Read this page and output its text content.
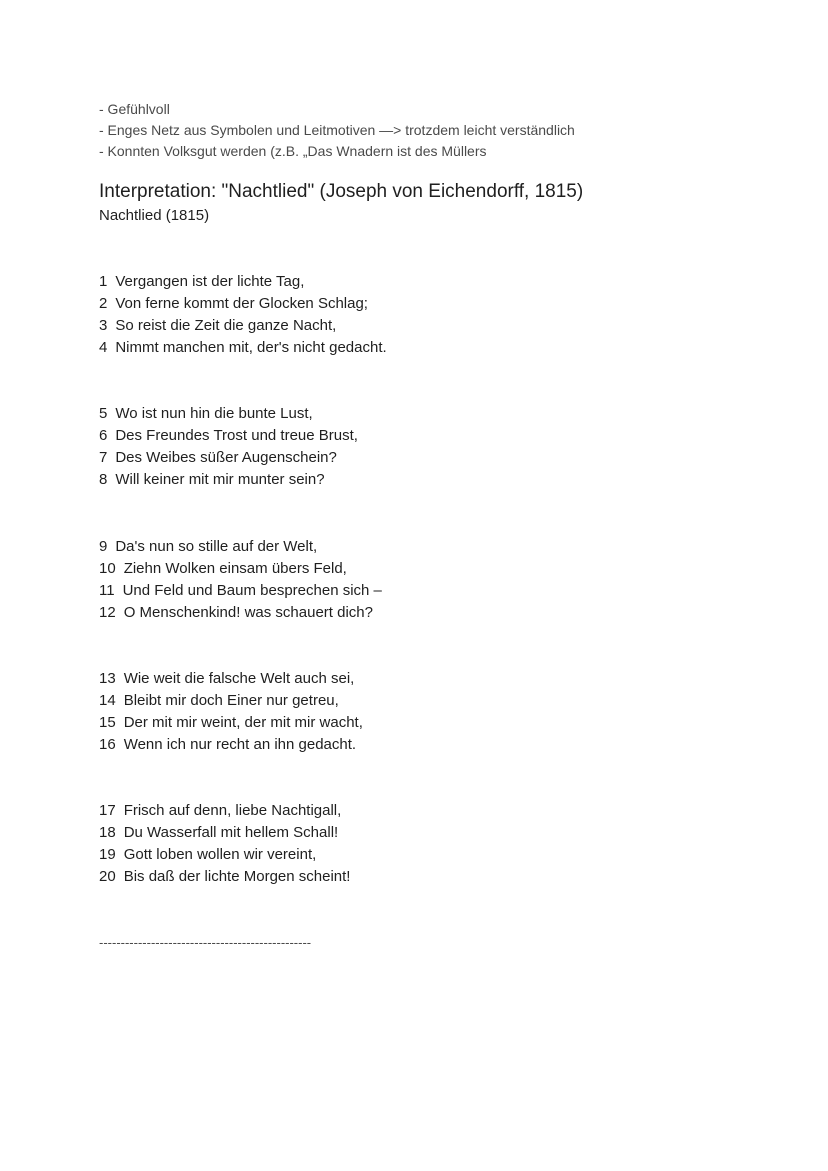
- Gefühlvoll
- Enges Netz aus Symbolen und Leitmotiven —> trotzdem leicht verständlich
- Konnten Volksgut werden (z.B. „Das Wnadern ist des Müllers
Interpretation: "Nachtlied" (Joseph von Eichendorff, 1815)
Nachtlied (1815)
1 Vergangen ist der lichte Tag,
2 Von ferne kommt der Glocken Schlag;
3 So reist die Zeit die ganze Nacht,
4 Nimmt manchen mit, der's nicht gedacht.
5 Wo ist nun hin die bunte Lust,
6 Des Freundes Trost und treue Brust,
7 Des Weibes süßer Augenschein?
8 Will keiner mit mir munter sein?
9 Da's nun so stille auf der Welt,
10 Ziehn Wolken einsam übers Feld,
11 Und Feld und Baum besprechen sich –
12 O Menschenkind! was schauert dich?
13 Wie weit die falsche Welt auch sei,
14 Bleibt mir doch Einer nur getreu,
15 Der mit mir weint, der mit mir wacht,
16 Wenn ich nur recht an ihn gedacht.
17 Frisch auf denn, liebe Nachtigall,
18 Du Wasserfall mit hellem Schall!
19 Gott loben wollen wir vereint,
20 Bis daß der lichte Morgen scheint!
-------------------------------------------------
